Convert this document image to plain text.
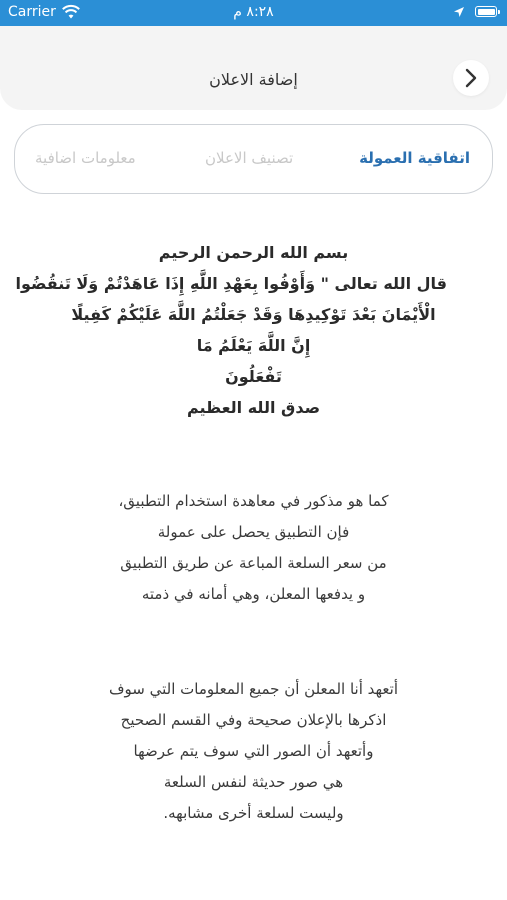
Carrier	٨:٢٨ م
إضافة الاعلان
اتفاقية العمولة
تصنيف الاعلان
معلومات اضافية
بسم الله الرحمن الرحيم
قال الله تعالى " وَأَوْفُوا بِعَهْدِ اللَّهِ إِذَا عَاهَدْتُمْ وَلَا تَنقُضُوا
الْأَيْمَانَ بَعْدَ تَوْكِيدِهَا وَقَدْ جَعَلْتُمُ اللَّهَ عَلَيْكُمْ كَفِيلًا
إِنَّ اللَّهَ يَعْلَمُ مَا
تَفْعَلُونَ
صدق الله العظيم
كما هو مذكور في معاهدة استخدام التطبيق،
فإن التطبيق يحصل على عمولة
من سعر السلعة المباعة عن طريق التطبيق
و يدفعها المعلن، وهي أمانه في ذمته
أتعهد أنا المعلن أن جميع المعلومات التي سوف
اذكرها بالإعلان صحيحة وفي القسم الصحيح
وأتعهد أن الصور التي سوف يتم عرضها
هي صور حديثة لنفس السلعة
وليست لسلعة أخرى مشابهه.
